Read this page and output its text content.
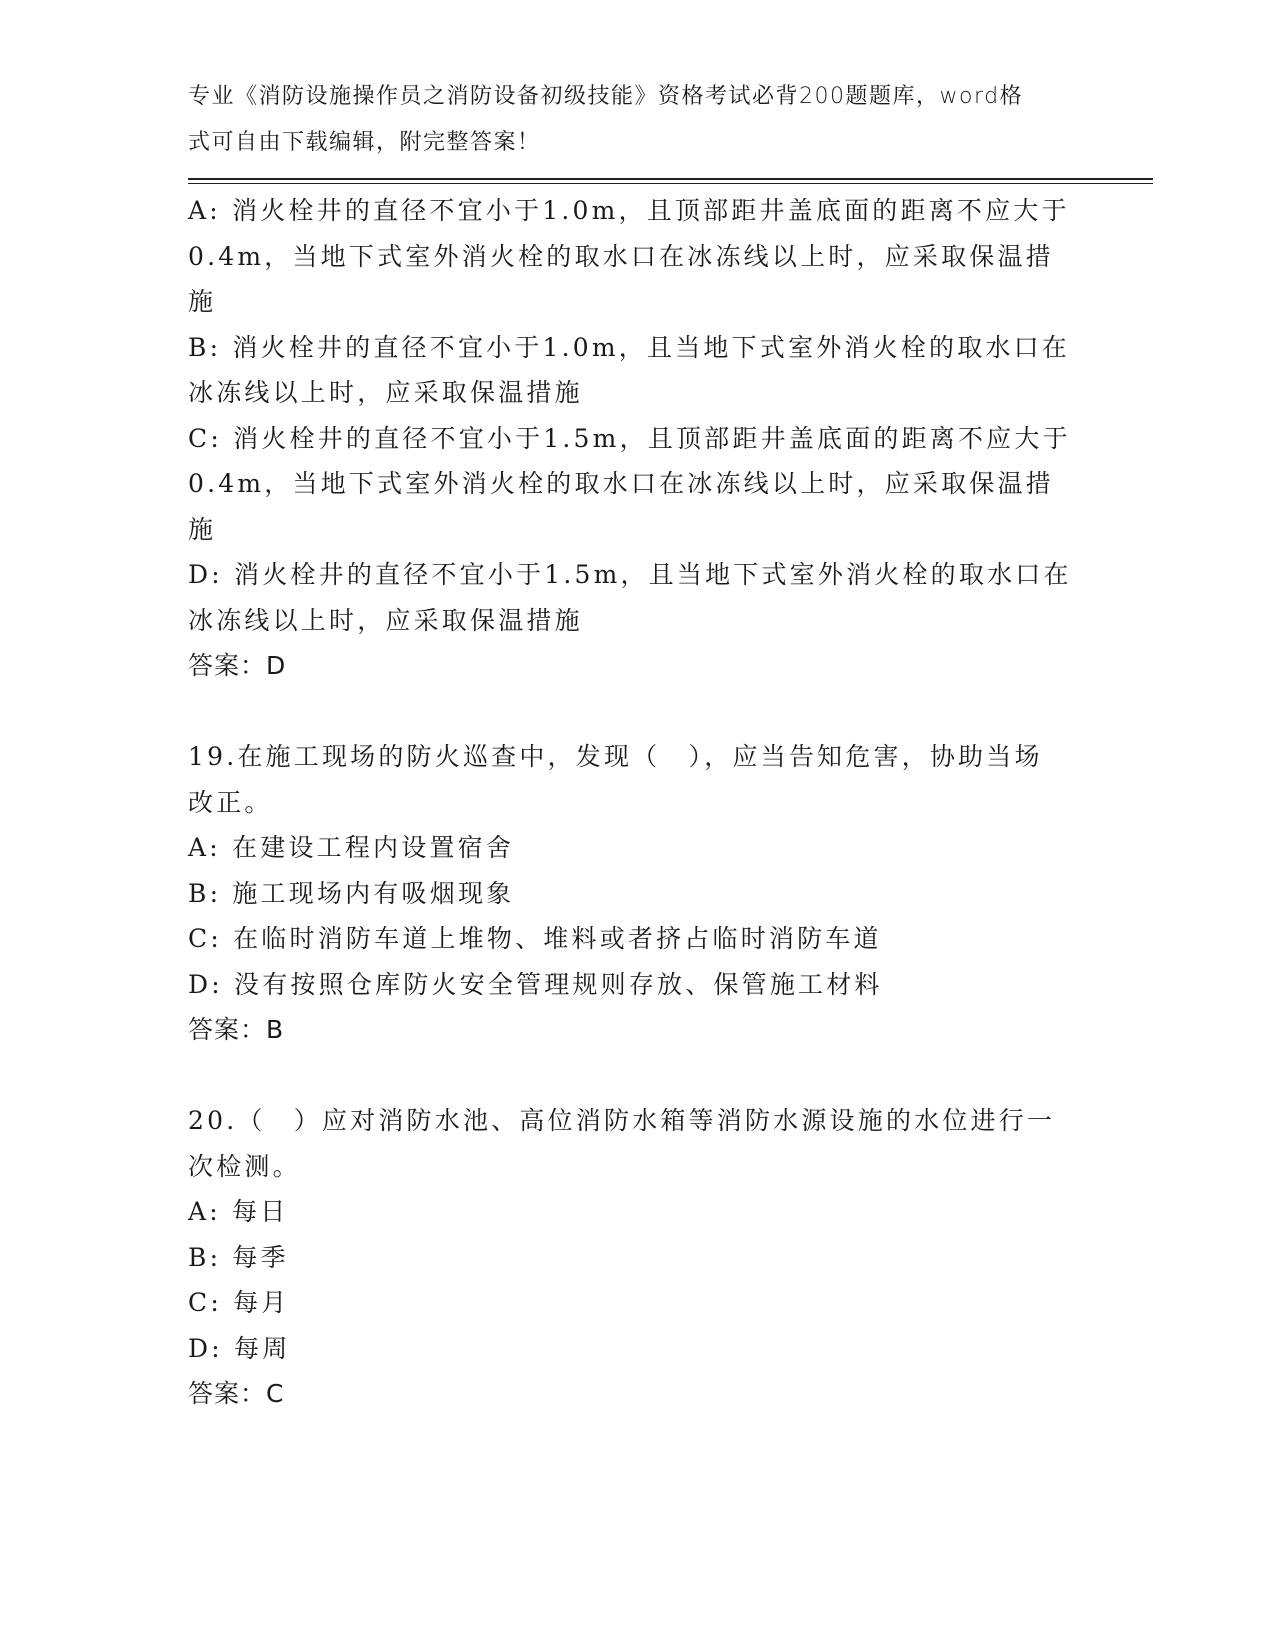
专业《消防设施操作员之消防设备初级技能》资格考试必背200题题库，word格
式可自由下载编辑，附完整答案！
A: 消火栓井的直径不宜小于1.0m，且顶部距井盖底面的距离不应大于
0.4m，当地下式室外消火栓的取水口在冰冻线以上时，应采取保温措
施
B: 消火栓井的直径不宜小于1.0m，且当地下式室外消火栓的取水口在
冰冻线以上时，应采取保温措施
C: 消火栓井的直径不宜小于1.5m，且顶部距井盖底面的距离不应大于
0.4m，当地下式室外消火栓的取水口在冰冻线以上时，应采取保温措
施
D: 消火栓井的直径不宜小于1.5m，且当地下式室外消火栓的取水口在
冰冻线以上时，应采取保温措施
答案：D
19.在施工现场的防火巡查中，发现（　），应当告知危害，协助当场
改正。
A: 在建设工程内设置宿舍
B: 施工现场内有吸烟现象
C: 在临时消防车道上堆物、堆料或者挤占临时消防车道
D: 没有按照仓库防火安全管理规则存放、保管施工材料
答案：B
20.（　）应对消防水池、高位消防水箱等消防水源设施的水位进行一
次检测。
A: 每日
B: 每季
C: 每月
D: 每周
答案：C
